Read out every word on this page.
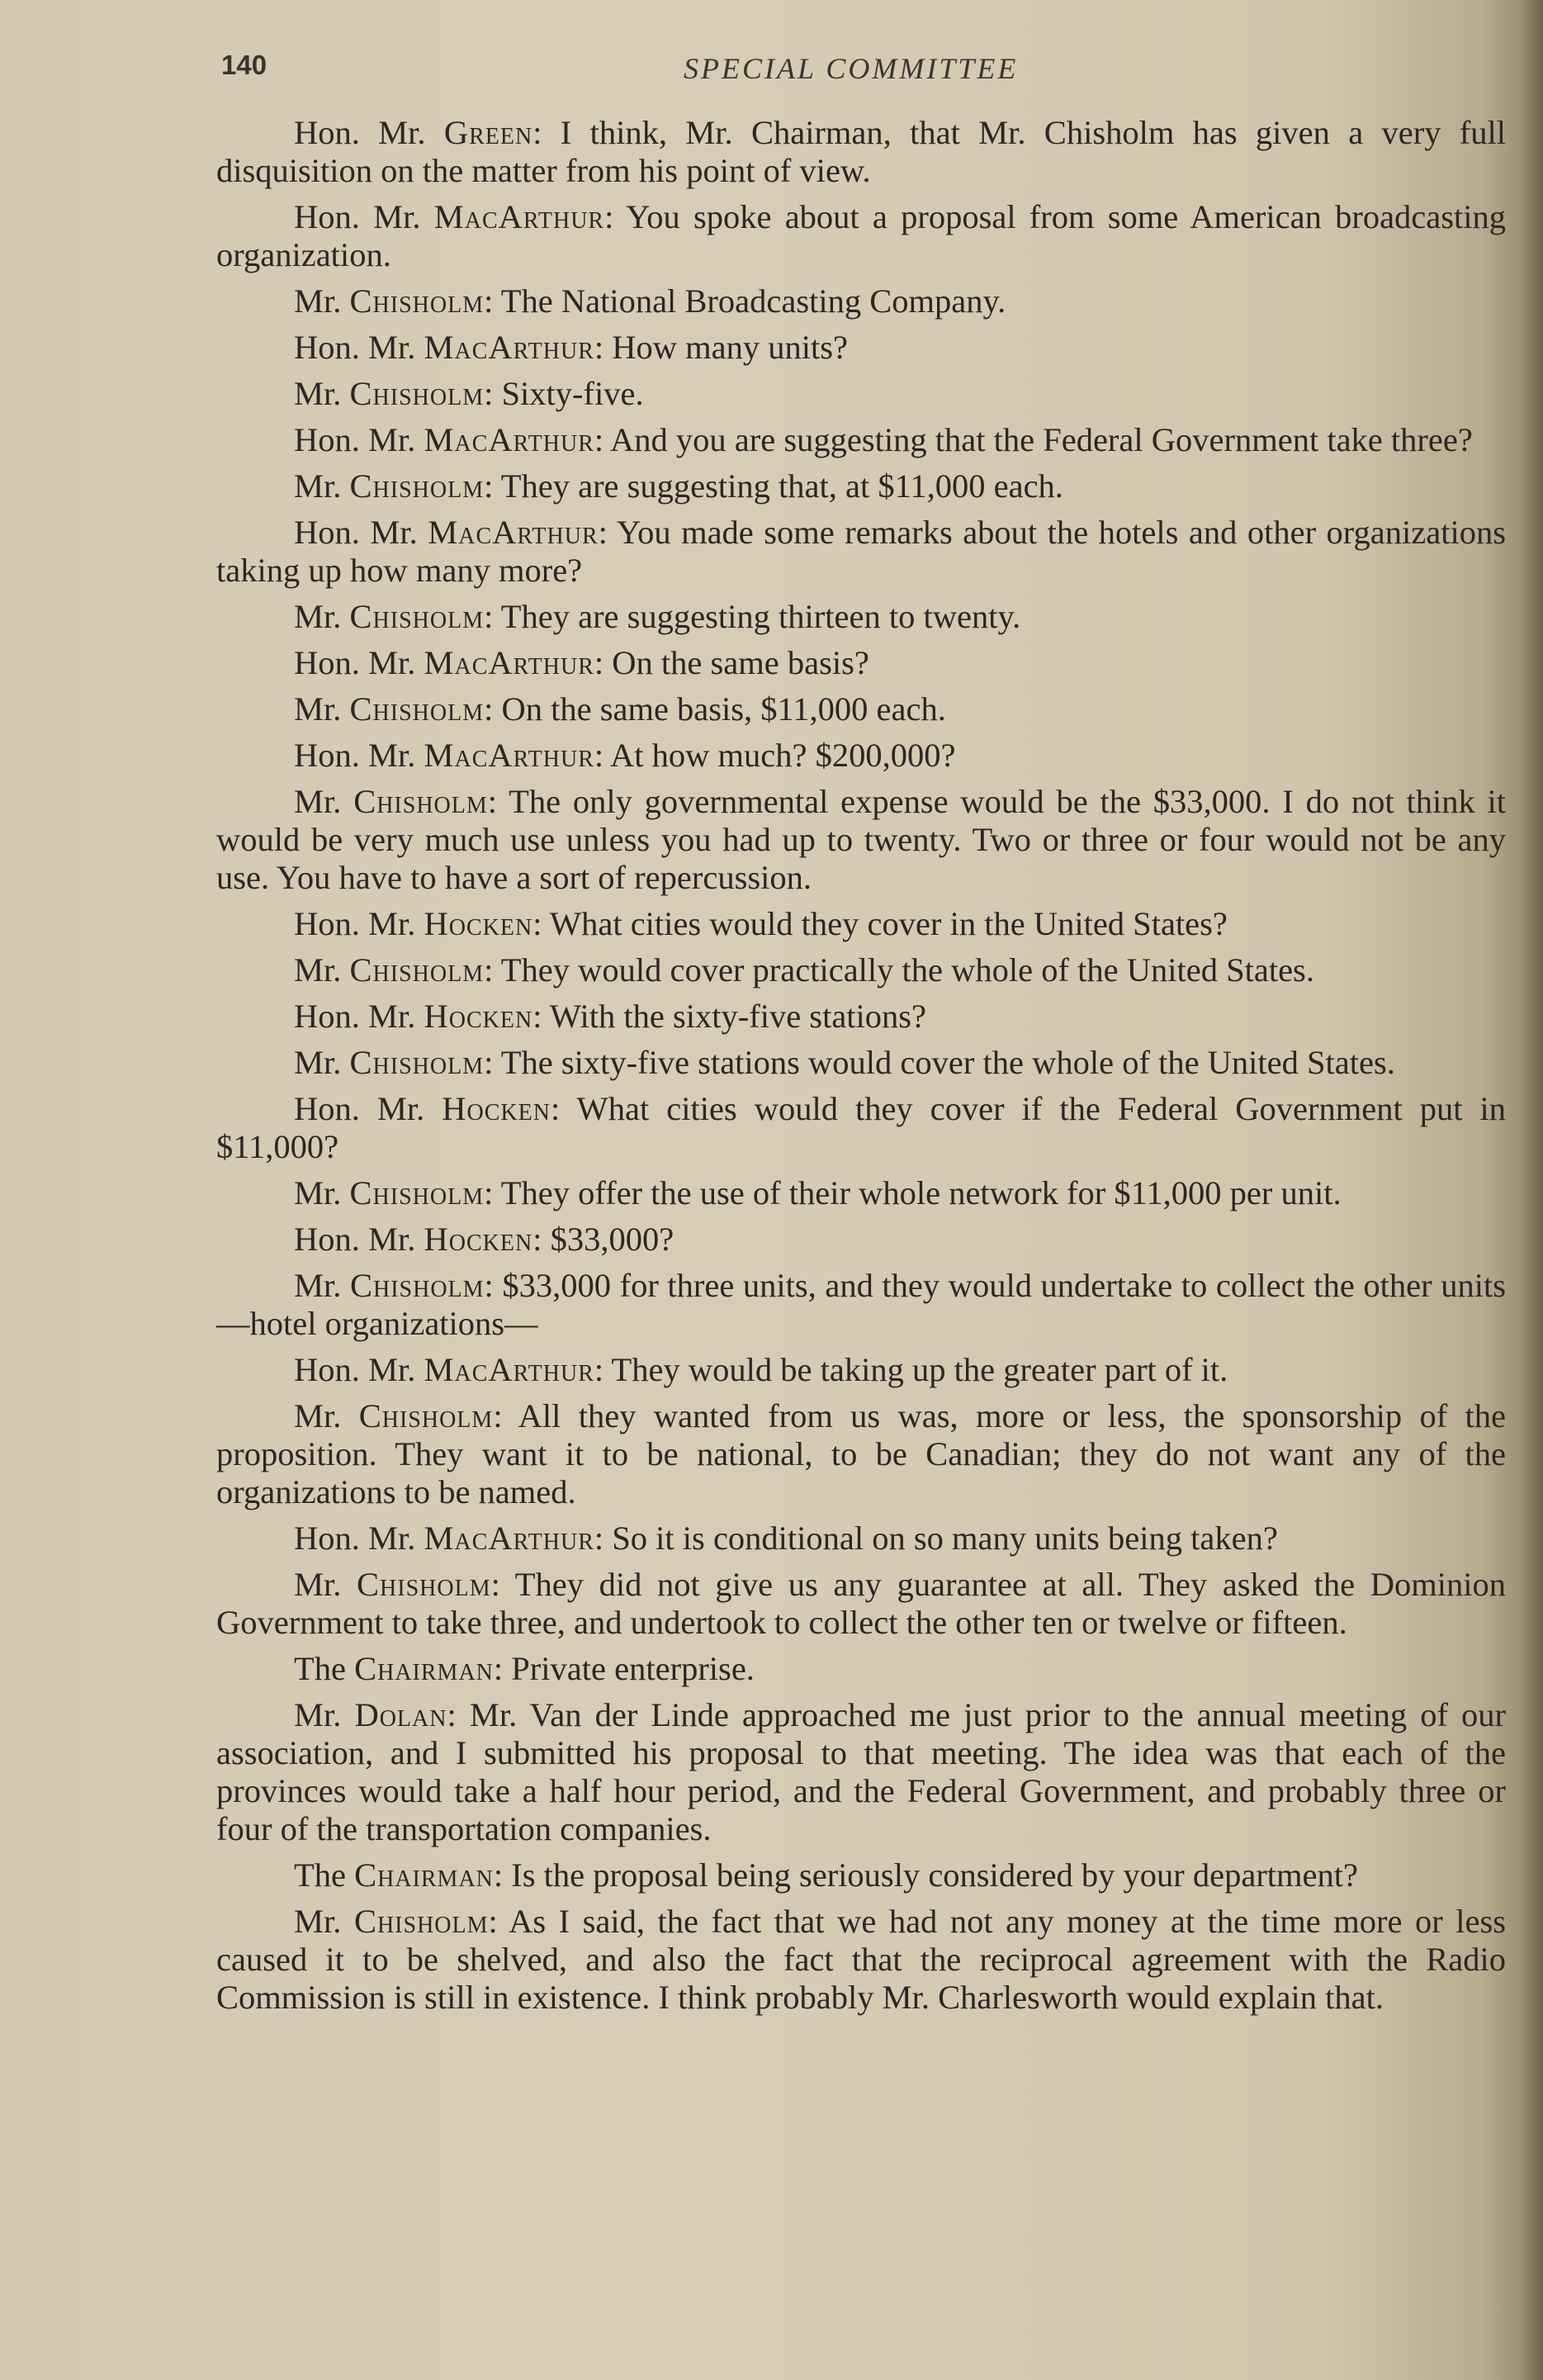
140	SPECIAL COMMITTEE

Hon. Mr. Green: I think, Mr. Chairman, that Mr. Chisholm has given a very full disquisition on the matter from his point of view.

Hon. Mr. MacArthur: You spoke about a proposal from some American broadcasting organization.

Mr. Chisholm: The National Broadcasting Company.

Hon. Mr. MacArthur: How many units?

Mr. Chisholm: Sixty-five.

Hon. Mr. MacArthur: And you are suggesting that the Federal Government take three?

Mr. Chisholm: They are suggesting that, at $11,000 each.

Hon. Mr. MacArthur: You made some remarks about the hotels and other organizations taking up how many more?

Mr. Chisholm: They are suggesting thirteen to twenty.

Hon. Mr. MacArthur: On the same basis?

Mr. Chisholm: On the same basis, $11,000 each.

Hon. Mr. MacArthur: At how much? $200,000?

Mr. Chisholm: The only governmental expense would be the $33,000. I do not think it would be very much use unless you had up to twenty. Two or three or four would not be any use. You have to have a sort of repercussion.

Hon. Mr. Hocken: What cities would they cover in the United States?

Mr. Chisholm: They would cover practically the whole of the United States.

Hon. Mr. Hocken: With the sixty-five stations?

Mr. Chisholm: The sixty-five stations would cover the whole of the United States.

Hon. Mr. Hocken: What cities would they cover if the Federal Government put in $11,000?

Mr. Chisholm: They offer the use of their whole network for $11,000 per unit.

Hon. Mr. Hocken: $33,000?

Mr. Chisholm: $33,000 for three units, and they would undertake to collect the other units—hotel organizations—

Hon. Mr. MacArthur: They would be taking up the greater part of it.

Mr. Chisholm: All they wanted from us was, more or less, the sponsorship of the proposition. They want it to be national, to be Canadian; they do not want any of the organizations to be named.

Hon. Mr. MacArthur: So it is conditional on so many units being taken?

Mr. Chisholm: They did not give us any guarantee at all. They asked the Dominion Government to take three, and undertook to collect the other ten or twelve or fifteen.

The Chairman: Private enterprise.

Mr. Dolan: Mr. Van der Linde approached me just prior to the annual meeting of our association, and I submitted his proposal to that meeting. The idea was that each of the provinces would take a half hour period, and the Federal Government, and probably three or four of the transportation companies.

The Chairman: Is the proposal being seriously considered by your department?

Mr. Chisholm: As I said, the fact that we had not any money at the time more or less caused it to be shelved, and also the fact that the reciprocal agreement with the Radio Commission is still in existence. I think probably Mr. Charlesworth would explain that.
